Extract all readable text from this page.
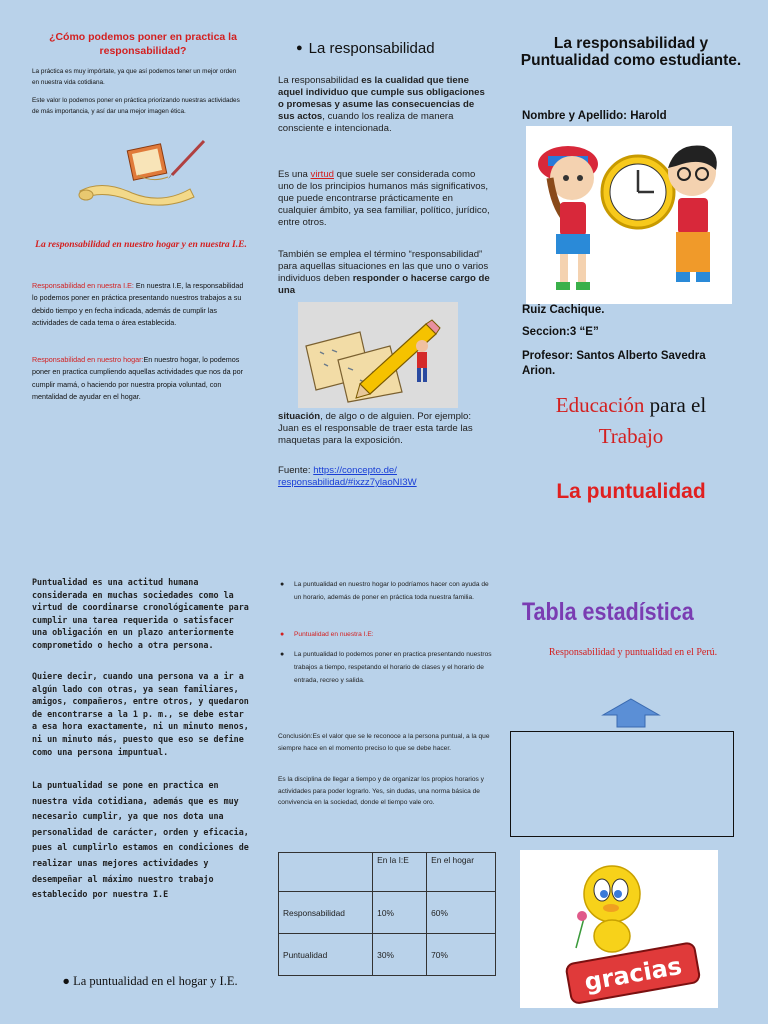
¿Cómo podemos poner en practica la responsabilidad?
La práctica es muy impórtate, ya que así podemos tener un mejor orden en nuestra vida cotidiana.
Este valor lo podemos poner en práctica priorizando nuestras actividades de más importancia, y así dar una mejor imagen ética.
La responsabilidad en nuestro hogar y en nuestra I.E.
Responsabilidad en nuestra I.E: En nuestra I.E, la responsabilidad lo podemos poner en práctica presentando nuestros trabajos a su debido tiempo y en fecha indicada, además de cumplir las actividades de cada tema o área establecida.
Responsabilidad en nuestro hogar:En nuestro hogar, lo podemos poner en practica cumpliendo aquellas actividades que nos da por cumplir mamá, o haciendo por nuestra propia voluntad, con mentalidad de ayudar en el hogar.
● La responsabilidad
La responsabilidad es la cualidad que tiene aquel individuo que cumple sus obligaciones o promesas y asume las consecuencias de sus actos, cuando los realiza de manera consciente e intencionada.
Es una virtud que suele ser considerada como uno de los principios humanos más significativos, que puede encontrarse prácticamente en cualquier ámbito, ya sea familiar, político, jurídico, entre otros.
También se emplea el término “responsabilidad” para aquellas situaciones en las que uno o varios individuos deben responder o hacerse cargo de una
situación, de algo o de alguien. Por ejemplo: Juan es el responsable de traer esta tarde las maquetas para la exposición.
Fuente: https://concepto.de/ responsabilidad/#ixzz7ylaoNI3W
La responsabilidad y Puntualidad como estudiante.
Nombre y Apellido: Harold
Ruiz Cachique.
Seccion:3 “E”
Profesor: Santos Alberto Savedra Arion.
Educación para el
Trabajo
La puntualidad
Puntualidad es una actitud humana considerada en muchas sociedades como la virtud de coordinarse cronológicamente para cumplir una tarea requerida o satisfacer una obligación en un plazo anteriormente comprometido o hecho a otra persona.
Quiere decir, cuando una persona va a ir a algún lado con otras, ya sean familiares, amigos, compañeros, entre otros, y quedaron de encontrarse a la 1 p. m., se debe estar a esa hora exactamente, ni un minuto menos, ni un minuto más, puesto que eso se define como una persona impuntual.
La puntualidad se pone en practica en nuestra vida cotidiana, además que es muy necesario cumplir, ya que nos dota una personalidad de carácter, orden y eficacia, pues al cumplirlo estamos en condiciones de realizar unas mejores actividades y desempeñar al máximo nuestro trabajo establecido por nuestra I.E
● La puntualidad en el hogar y I.E.
● La puntualidad en nuestro hogar lo podríamos hacer con ayuda de un horario, además de poner en práctica toda nuestra familia.
● Puntualidad en nuestra I.E:
● La puntualidad lo podemos poner en practica presentando nuestros trabajos a tiempo, respetando el horario de clases y el horario de entrada, recreo y salida.
Conclusión:Es el valor que se le reconoce a la persona puntual, a la que siempre hace en el momento preciso lo que se debe hacer.
Es la disciplina de llegar a tiempo y de organizar los propios horarios y actividades para poder lograrlo. Yes, sin dudas, una norma básica de convivencia en la sociedad, donde el tiempo vale oro.
	En la I:E	En el hogar
Responsabilidad	10%	60%
Puntualidad	30%	70%
Tabla estadística
Responsabilidad y puntualidad en el Perú.
gracias
